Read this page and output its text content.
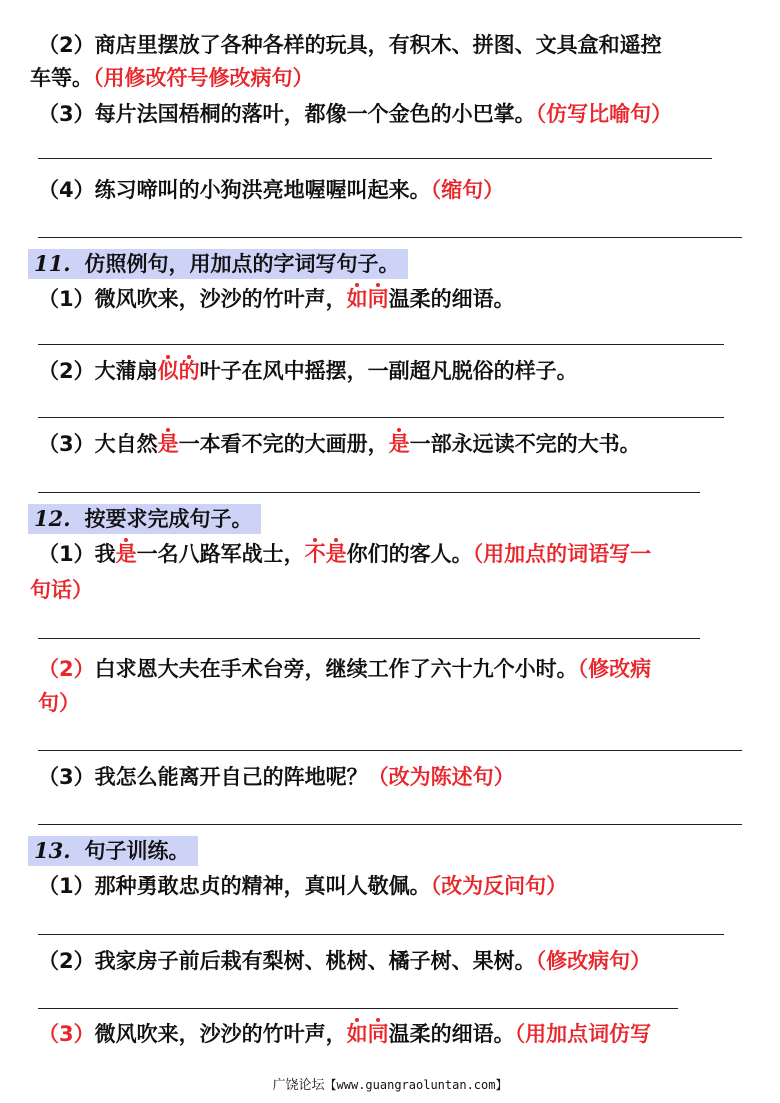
（2）商店里摆放了各种各样的玩具，有积木、拼图、文具盒和遥控
车等。（用修改符号修改病句）
（3）每片法国梧桐的落叶，都像一个金色的小巴掌。（仿写比喻句）
（4）练习啼叫的小狗洪亮地喔喔叫起来。（缩句）
11. 仿照例句，用加点的字词写句子。
（1）微风吹来，沙沙的竹叶声，如同温柔的细语。
（2）大蒲扇似的叶子在风中摇摆，一副超凡脱俗的样子。
（3）大自然是一本看不完的大画册，是一部永远读不完的大书。
12. 按要求完成句子。
（1）我是一名八路军战士，不是你们的客人。（用加点的词语写一
句话）
（2）白求恩大夫在手术台旁，继续工作了六十九个小时。（修改病
句）
（3）我怎么能离开自己的阵地呢？（改为陈述句）
13. 句子训练。
（1）那种勇敢忠贞的精神，真叫人敬佩。（改为反问句）
（2）我家房子前后栽有梨树、桃树、橘子树、果树。（修改病句）
（3）微风吹来，沙沙的竹叶声，如同温柔的细语。（用加点词仿写
广饶论坛【www.guangraoluntan.com】
